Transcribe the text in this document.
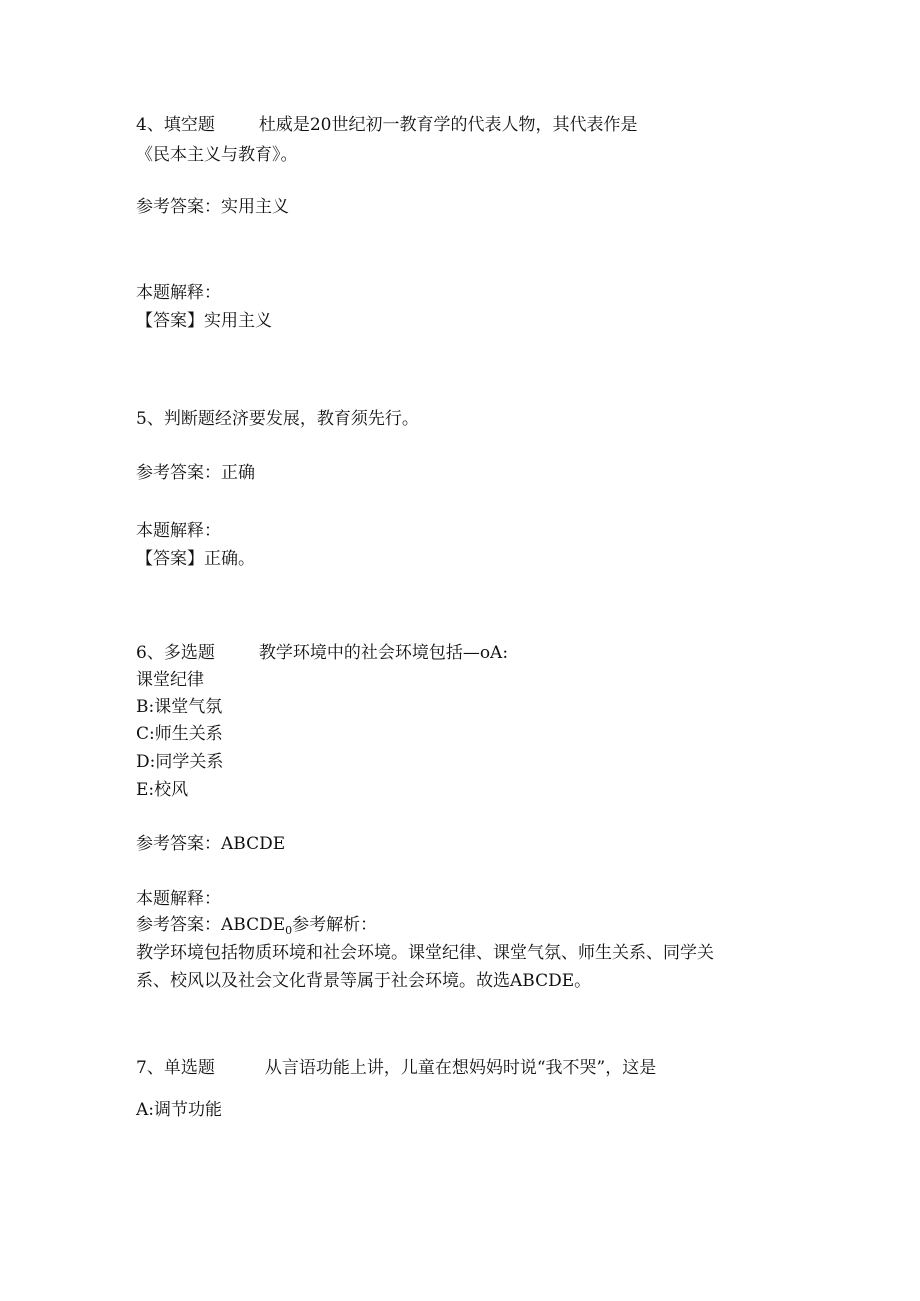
4、填空题	杜威是20世纪初一教育学的代表人物，其代表作是
《民本主义与教育》。
参考答案：实用主义
本题解释：
【答案】实用主义
5、判断题经济要发展，教育须先行。
参考答案：正确
本题解释：
【答案】正确。
6、多选题	教学环境中的社会环境包括—oA:
课堂纪律
B:课堂气氛
C:师生关系
D:同学关系
E:校风
参考答案：ABCDE
本题解释：
参考答案：$ABCDE_0$参考解析：
教学环境包括物质环境和社会环境。课堂纪律、课堂气氛、师生关系、同学关
系、校风以及社会文化背景等属于社会环境。故选ABCDE。
7、单选题	从言语功能上讲，儿童在想妈妈时说“我不哭”，这是
A:调节功能
